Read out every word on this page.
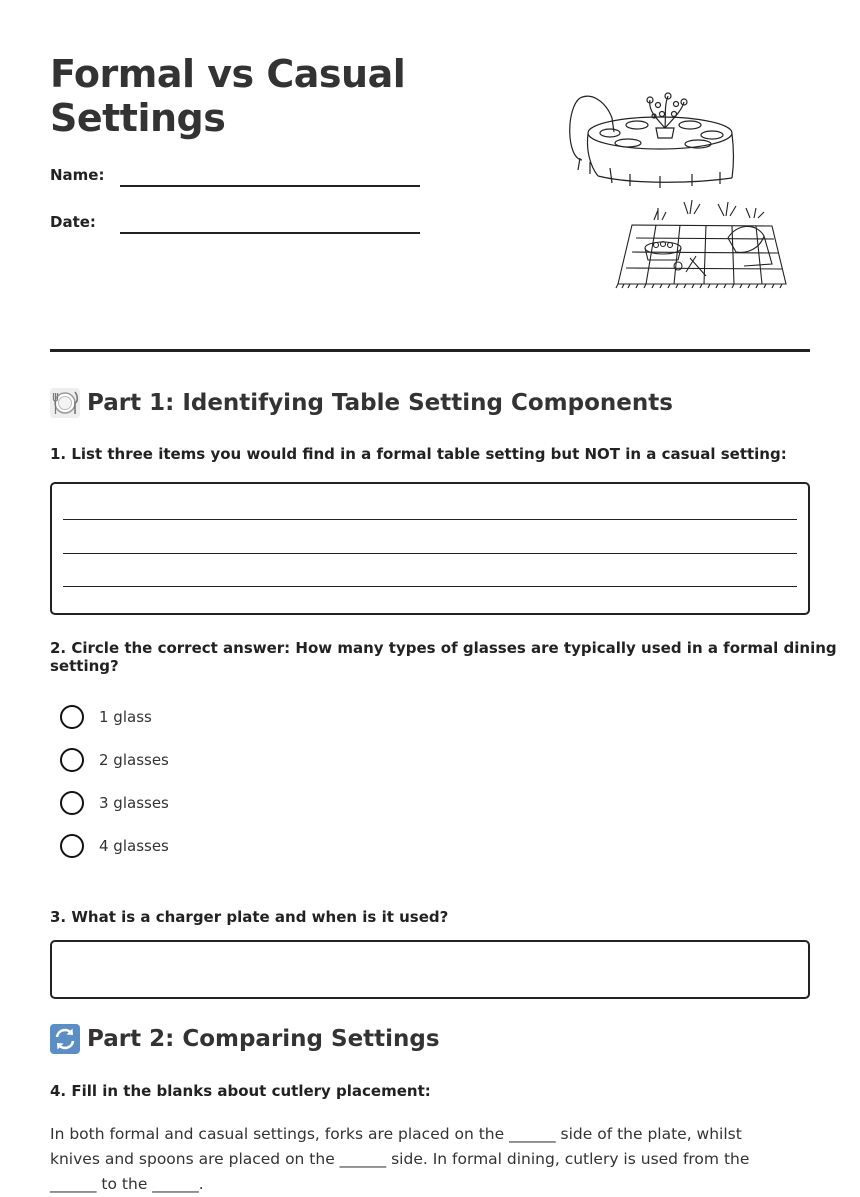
Formal vs Casual Settings
Name:
Date:
Part 1: Identifying Table Setting Components
1. List three items you would find in a formal table setting but NOT in a casual setting:
2. Circle the correct answer: How many types of glasses are typically used in a formal dining setting?
1 glass
2 glasses
3 glasses
4 glasses
3. What is a charger plate and when is it used?
Part 2: Comparing Settings
4. Fill in the blanks about cutlery placement:

In both formal and casual settings, forks are placed on the ______ side of the plate, whilst knives and spoons are placed on the ______ side. In formal dining, cutlery is used from the ______ to the ______.
